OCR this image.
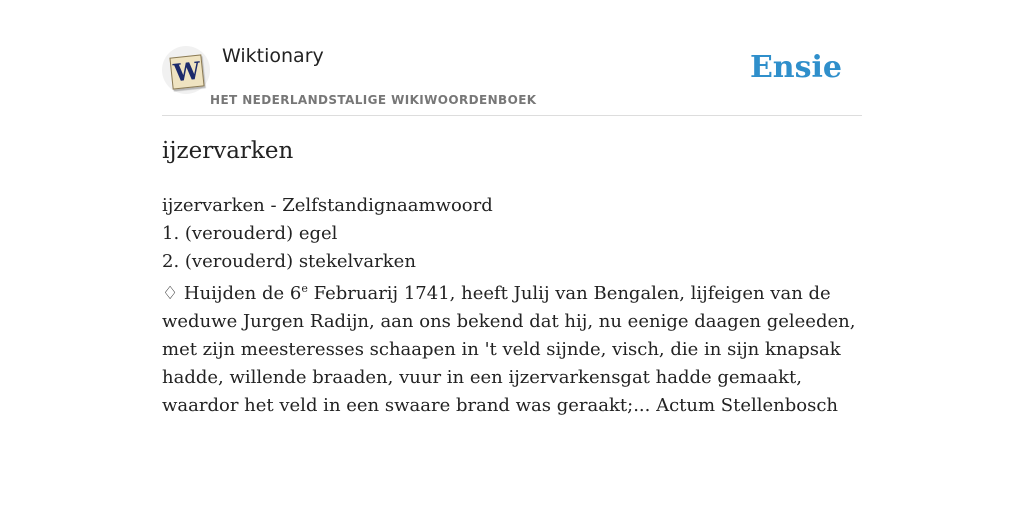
W Wiktionary
HET NEDERLANDSTALIGE WIKIWOORDENBOEK
Ensie
ijzervarken
ijzervarken - Zelfstandignaamwoord
1. (verouderd) egel
2. (verouderd) stekelvarken
♢ Huijden de 6e Februarij 1741, heeft Julij van Bengalen, lijfeigen van de weduwe Jurgen Radijn, aan ons bekend dat hij, nu eenige daagen geleeden, met zijn meesteresses schaapen in 't veld sijnde, visch, die in sijn knapsak hadde, willende braaden, vuur in een ijzervarkensgat hadde gemaakt, waardor het veld in een swaare brand was geraakt;... Actum Stellenbosch
